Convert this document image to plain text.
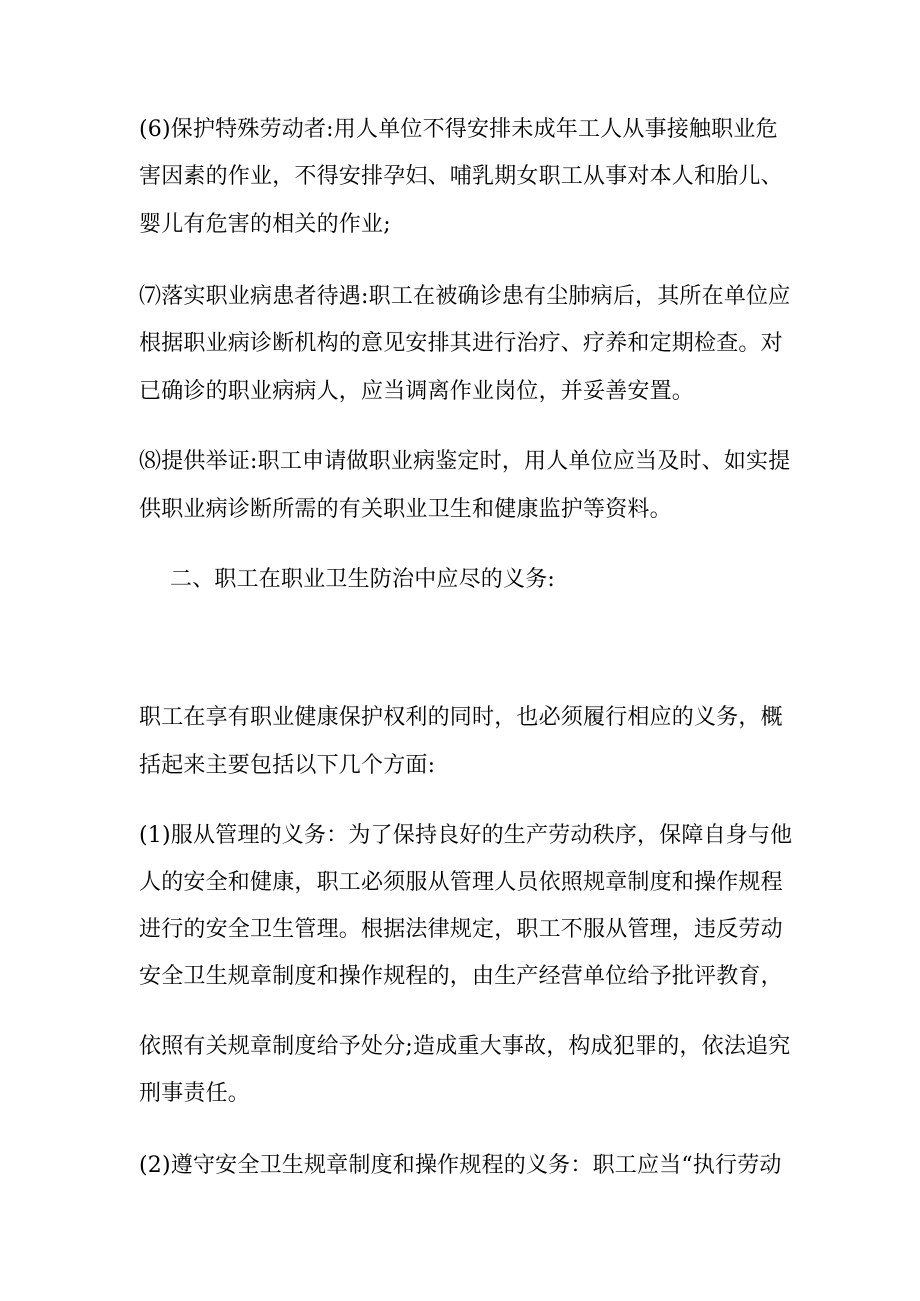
(6)保护特殊劳动者:用人单位不得安排未成年工人从事接触职业危
害因素的作业，不得安排孕妇、哺乳期女职工从事对本人和胎儿、
婴儿有危害的相关的作业;
⑺落实职业病患者待遇:职工在被确诊患有尘肺病后，其所在单位应
根据职业病诊断机构的意见安排其进行治疗、疗养和定期检查。对
已确诊的职业病病人，应当调离作业岗位，并妥善安置。
⑻提供举证:职工申请做职业病鉴定时，用人单位应当及时、如实提
供职业病诊断所需的有关职业卫生和健康监护等资料。
二、职工在职业卫生防治中应尽的义务:
职工在享有职业健康保护权利的同时，也必须履行相应的义务，概
括起来主要包括以下几个方面:
(1)服从管理的义务：为了保持良好的生产劳动秩序，保障自身与他
人的安全和健康，职工必须服从管理人员依照规章制度和操作规程
进行的安全卫生管理。根据法律规定，职工不服从管理，违反劳动
安全卫生规章制度和操作规程的，由生产经营单位给予批评教育，
依照有关规章制度给予处分;造成重大事故，构成犯罪的，依法追究
刑事责任。
(2)遵守安全卫生规章制度和操作规程的义务：职工应当“执行劳动
